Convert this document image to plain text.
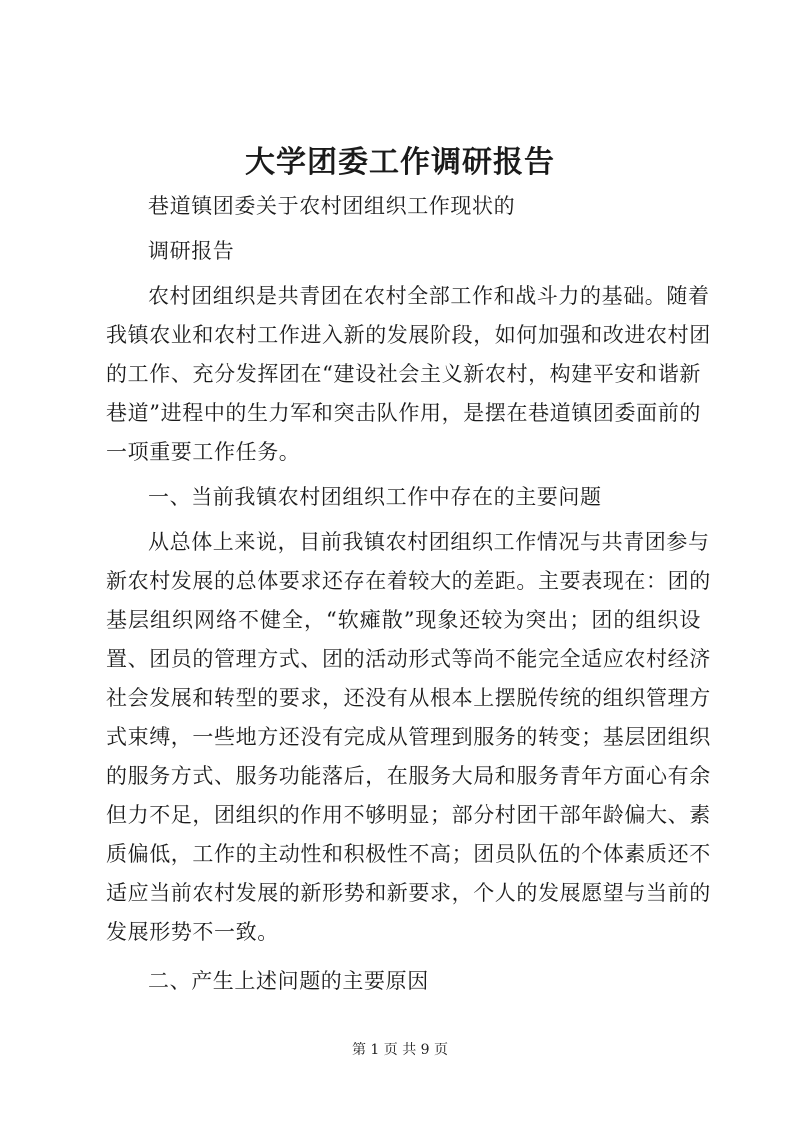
大学团委工作调研报告

巷道镇团委关于农村团组织工作现状的

调研报告

农村团组织是共青团在农村全部工作和战斗力的基础。随着

我镇农业和农村工作进入新的发展阶段，如何加强和改进农村团

的工作、充分发挥团在“建设社会主义新农村，构建平安和谐新

巷道”进程中的生力军和突击队作用，是摆在巷道镇团委面前的

一项重要工作任务。

一、当前我镇农村团组织工作中存在的主要问题

从总体上来说，目前我镇农村团组织工作情况与共青团参与

新农村发展的总体要求还存在着较大的差距。主要表现在：团的

基层组织网络不健全，“软瘫散”现象还较为突出；团的组织设

置、团员的管理方式、团的活动形式等尚不能完全适应农村经济

社会发展和转型的要求，还没有从根本上摆脱传统的组织管理方

式束缚，一些地方还没有完成从管理到服务的转变；基层团组织

的服务方式、服务功能落后，在服务大局和服务青年方面心有余

但力不足，团组织的作用不够明显；部分村团干部年龄偏大、素

质偏低，工作的主动性和积极性不高；团员队伍的个体素质还不

适应当前农村发展的新形势和新要求，个人的发展愿望与当前的

发展形势不一致。

二、产生上述问题的主要原因

第 1 页 共 9 页
